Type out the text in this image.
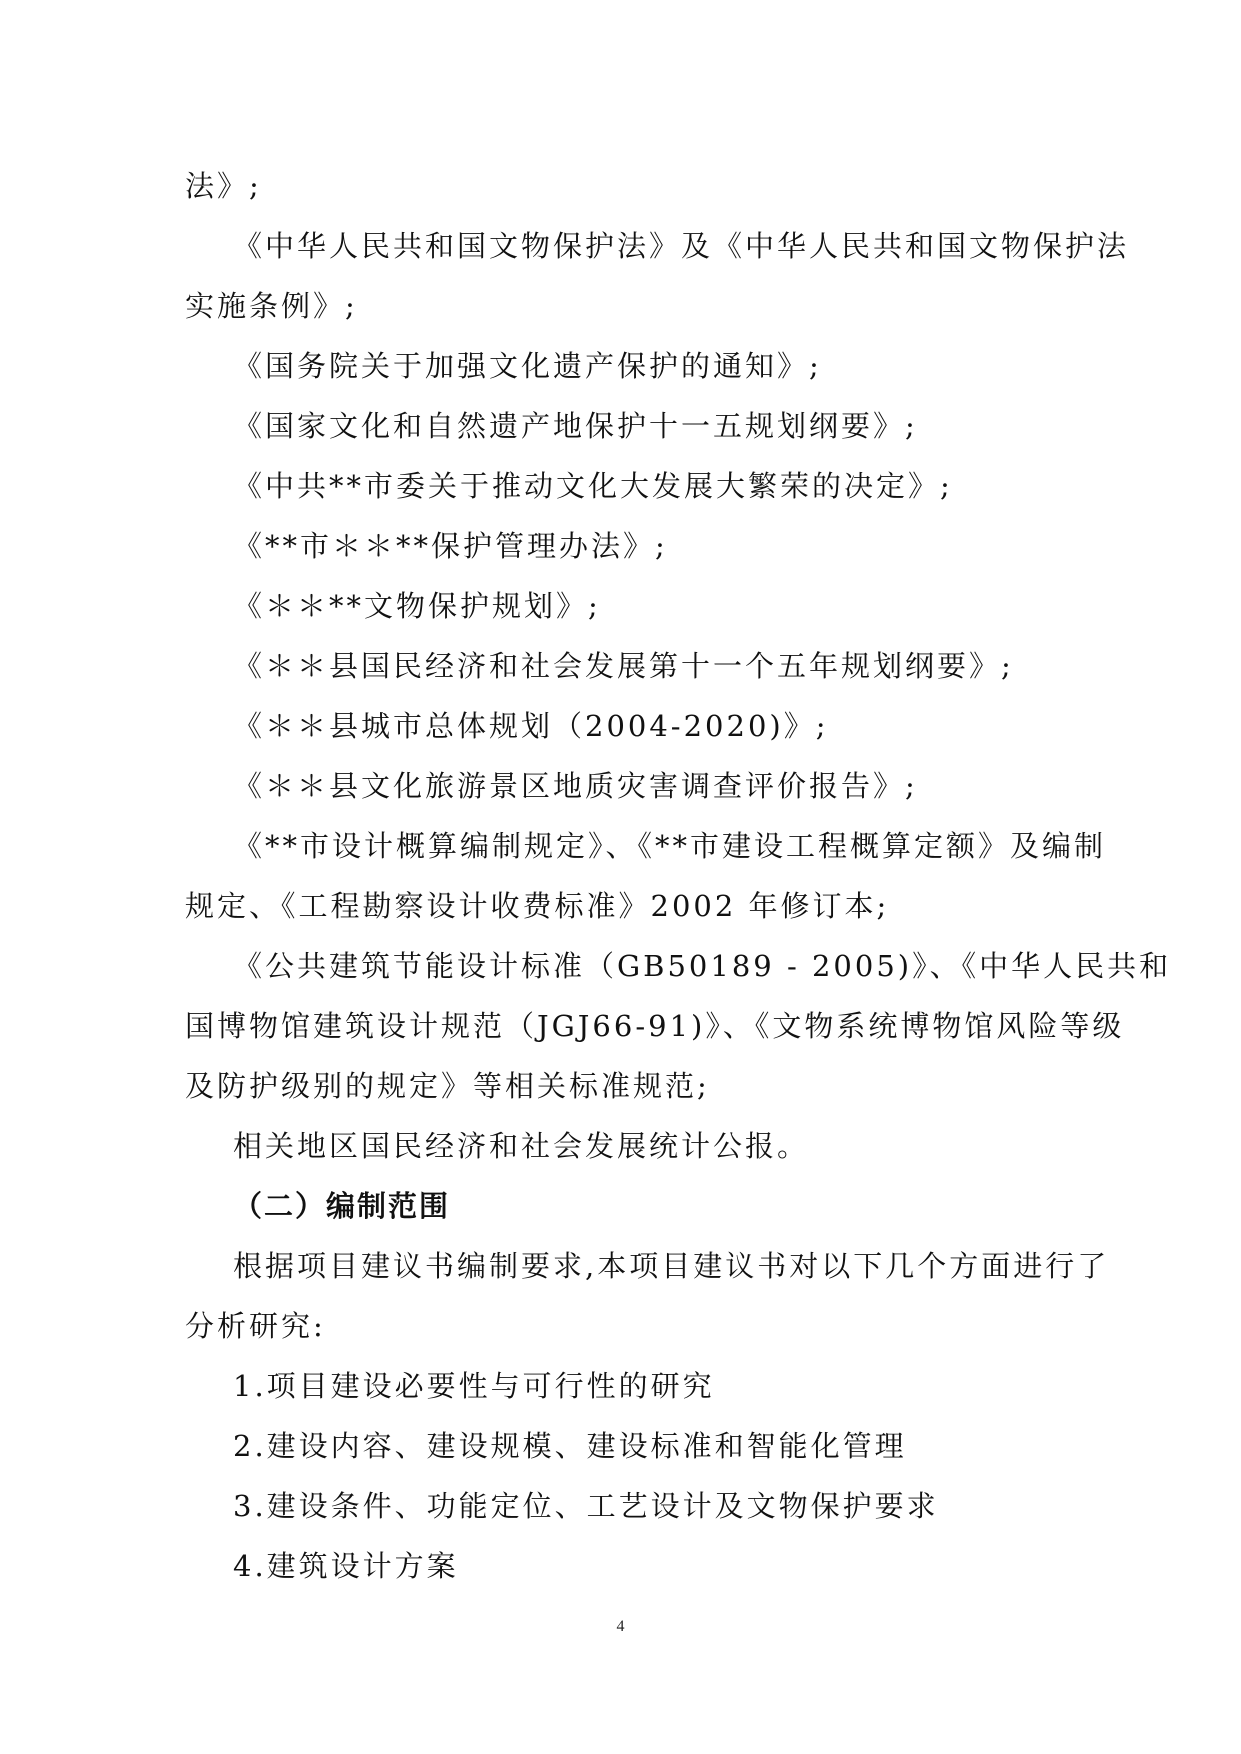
法》;

《中华人民共和国文物保护法》及《中华人民共和国文物保护法

实施条例》;

《国务院关于加强文化遗产保护的通知》;

《国家文化和自然遗产地保护十一五规划纲要》;

《中共**市委关于推动文化大发展大繁荣的决定》;

《**市＊＊**保护管理办法》;

《＊＊**文物保护规划》;

《＊＊县国民经济和社会发展第十一个五年规划纲要》;

《＊＊县城市总体规划（2004-2020)》;

《＊＊县文化旅游景区地质灾害调查评价报告》;

《**市设计概算编制规定》、《**市建设工程概算定额》及编制

规定、《工程勘察设计收费标准》2002 年修订本;

《公共建筑节能设计标准（GB50189 - 2005)》、《中华人民共和

国博物馆建筑设计规范（JGJ66-91)》、《文物系统博物馆风险等级

及防护级别的规定》等相关标准规范;

相关地区国民经济和社会发展统计公报。

（二）编制范围

根据项目建议书编制要求,本项目建议书对以下几个方面进行了

分析研究:

1.项目建设必要性与可行性的研究

2.建设内容、建设规模、建设标准和智能化管理

3.建设条件、功能定位、工艺设计及文物保护要求

4.建筑设计方案

4
